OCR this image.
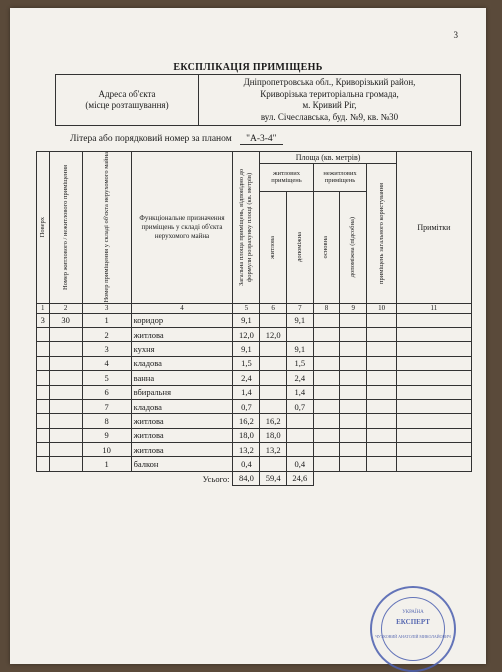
3
ЕКСПЛІКАЦІЯ ПРИМІЩЕНЬ
Адреса об'єкта
(місце розташування)

Дніпропетровська обл., Криворізький район,
Криворізька територіальна громада,
м. Кривий Ріг,
вул. Січеславська, буд. №9, кв. №30
Літера або порядковий номер за планом "А-3-4"
Поверх	Номер житлового / нежитлового приміщення	Номер приміщення у складі об'єкта нерухомого майна	Функціональне призначення приміщень у складі об'єкта нерухомого майна	Загальна площа приміщень, відповідно до формули розрахунку площі (кв. метрів)	Площа (кв. метрів)					Примітки
					житлових приміщень		нежитлових приміщень		приміщень загального користування	

					житлова	допоміжна	основна	допоміжна (підсобна)		

1	2	3	4	5	6	7	8	9	10	11
3	30	1	коридор	9,1		9,1				
		2	житлова	12,0	12,0					
		3	кухня	9,1		9,1				
		4	кладова	1,5		1,5				
		5	ванна	2,4		2,4				
		6	вбиральня	1,4		1,4				
		7	кладова	0,7		0,7				
		8	житлова	16,2	16,2					
		9	житлова	18,0	18,0					
		10	житлова	13,2	13,2					
		1	балкон	0,4		0,4				
Усього:				84,0	59,4	24,6				
ЕКСПЕРТ
УКРАЇНА
ЧУТКОВИЙ АНАТОЛІЙ МИКОЛАЙОВИЧ
